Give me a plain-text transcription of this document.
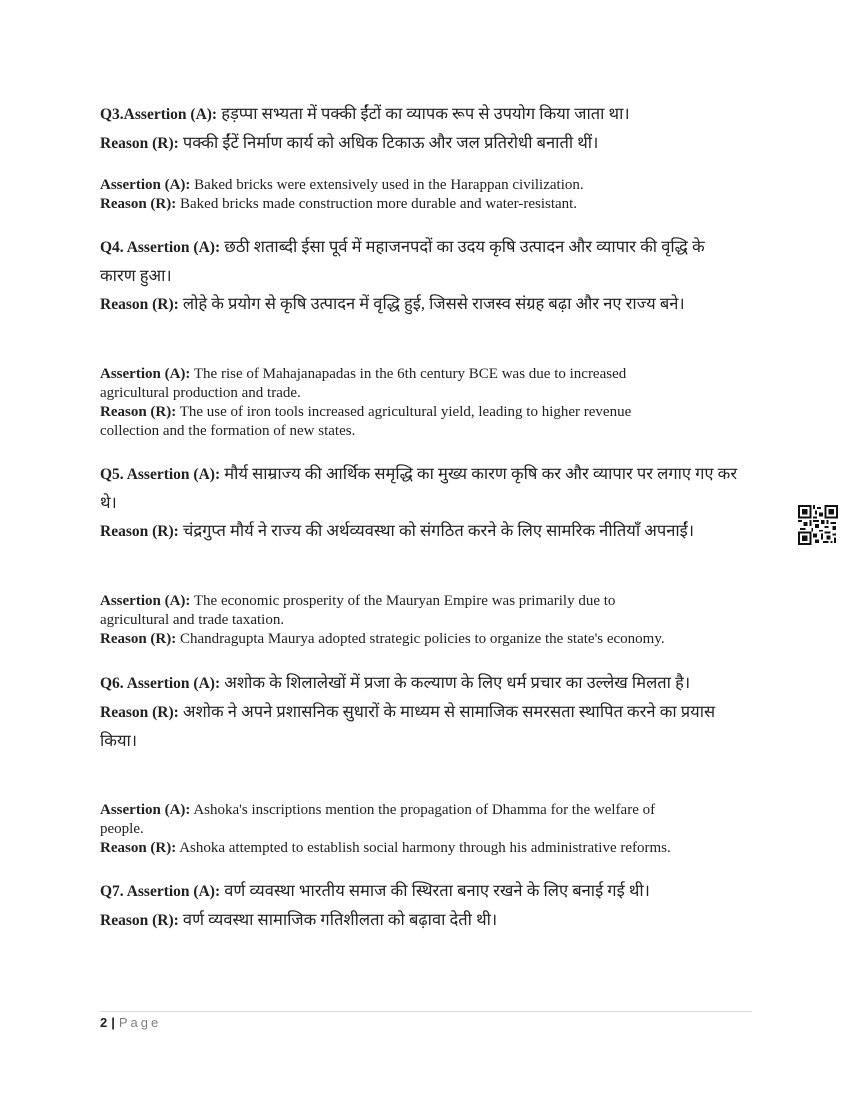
Q3.Assertion (A): हड़प्पा सभ्यता में पक्की ईंटों का व्यापक रूप से उपयोग किया जाता था।

Reason (R): पक्की ईंटें निर्माण कार्य को अधिक टिकाऊ और जल प्रतिरोधी बनाती थीं।

Assertion (A): Baked bricks were extensively used in the Harappan civilization.

Reason (R): Baked bricks made construction more durable and water-resistant.

Q4. Assertion (A): छठी शताब्दी ईसा पूर्व में महाजनपदों का उदय कृषि उत्पादन और व्यापार की वृद्धि के कारण हुआ।

Reason (R): लोहे के प्रयोग से कृषि उत्पादन में वृद्धि हुई, जिससे राजस्व संग्रह बढ़ा और नए राज्य बने।

Assertion (A): The rise of Mahajanapadas in the 6th century BCE was due to increased

agricultural production and trade.

Reason (R): The use of iron tools increased agricultural yield, leading to higher revenue

collection and the formation of new states.

Q5. Assertion (A): मौर्य साम्राज्य की आर्थिक समृद्धि का मुख्य कारण कृषि कर और व्यापार पर लगाए गए कर थे।

Reason (R): चंद्रगुप्त मौर्य ने राज्य की अर्थव्यवस्था को संगठित करने के लिए सामरिक नीतियाँ अपनाईं।

Assertion (A): The economic prosperity of the Mauryan Empire was primarily due to

agricultural and trade taxation.

Reason (R): Chandragupta Maurya adopted strategic policies to organize the state's economy.

Q6. Assertion (A): अशोक के शिलालेखों में प्रजा के कल्याण के लिए धर्म प्रचार का उल्लेख मिलता है।

Reason (R): अशोक ने अपने प्रशासनिक सुधारों के माध्यम से सामाजिक समरसता स्थापित करने का प्रयास किया।

Assertion (A): Ashoka's inscriptions mention the propagation of Dhamma for the welfare of

people.

Reason (R): Ashoka attempted to establish social harmony through his administrative reforms.

Q7. Assertion (A): वर्ण व्यवस्था भारतीय समाज की स्थिरता बनाए रखने के लिए बनाई गई थी।

Reason (R): वर्ण व्यवस्था सामाजिक गतिशीलता को बढ़ावा देती थी।

2 | Page
